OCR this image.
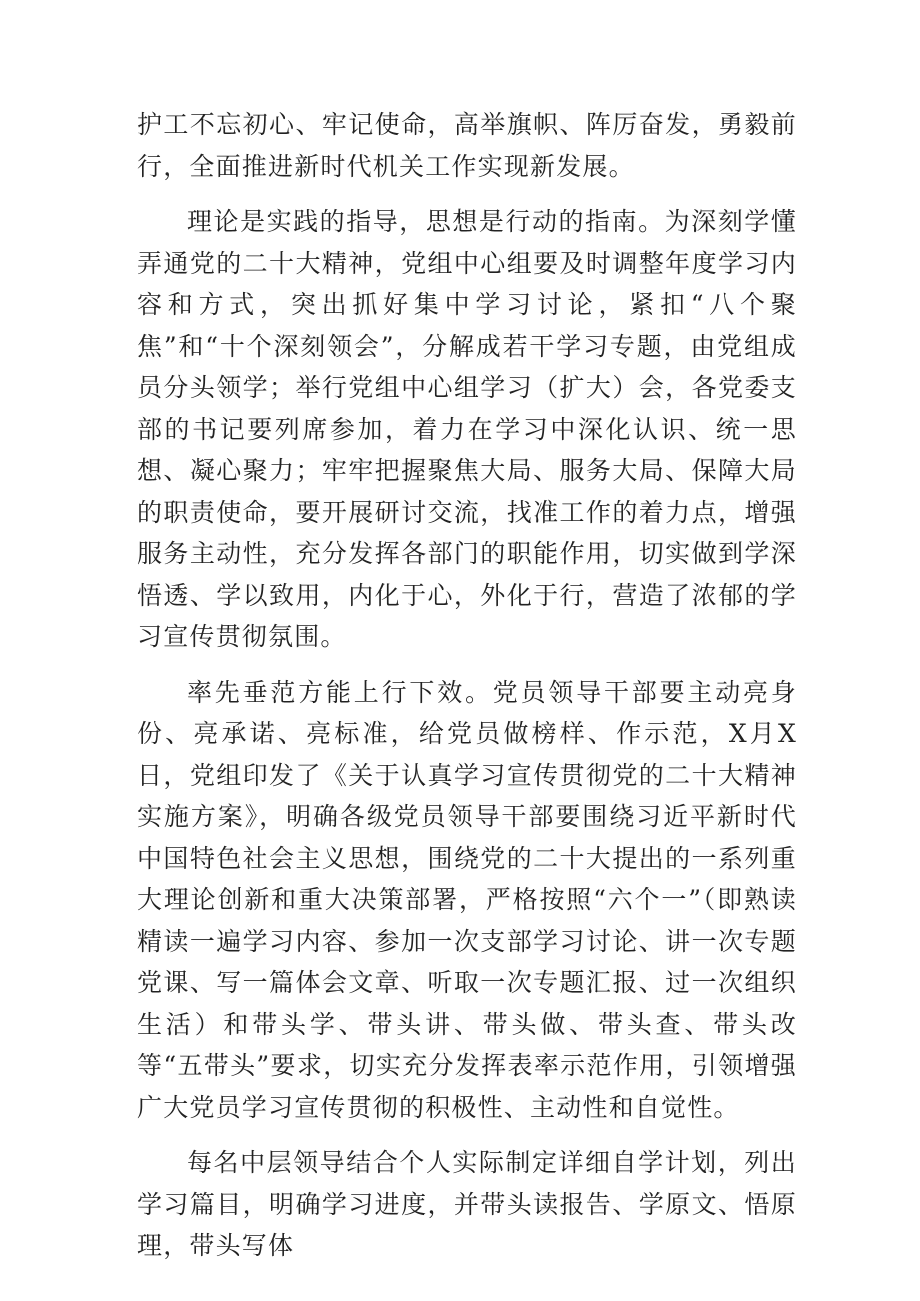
护工不忘初心、牢记使命，高举旗帜、阵厉奋发，勇毅前行，全面推进新时代机关工作实现新发展。

理论是实践的指导，思想是行动的指南。为深刻学懂弄通党的二十大精神，党组中心组要及时调整年度学习内容和方式，突出抓好集中学习讨论，紧扣“八个聚焦”和“十个深刻领会”，分解成若干学习专题，由党组成员分头领学；举行党组中心组学习（扩大）会，各党委支部的书记要列席参加，着力在学习中深化认识、统一思想、凝心聚力；牢牢把握聚焦大局、服务大局、保障大局的职责使命，要开展研讨交流，找准工作的着力点，增强服务主动性，充分发挥各部门的职能作用，切实做到学深悟透、学以致用，内化于心，外化于行，营造了浓郁的学习宣传贯彻氛围。

率先垂范方能上行下效。党员领导干部要主动亮身份、亮承诺、亮标准，给党员做榜样、作示范，X月X日，党组印发了《关于认真学习宣传贯彻党的二十大精神实施方案》，明确各级党员领导干部要围绕习近平新时代中国特色社会主义思想，围绕党的二十大提出的一系列重大理论创新和重大决策部署，严格按照“六个一”（即熟读精读一遍学习内容、参加一次支部学习讨论、讲一次专题党课、写一篇体会文章、听取一次专题汇报、过一次组织生活）和带头学、带头讲、带头做、带头查、带头改等“五带头”要求，切实充分发挥表率示范作用，引领增强广大党员学习宣传贯彻的积极性、主动性和自觉性。

每名中层领导结合个人实际制定详细自学计划，列出学习篇目，明确学习进度，并带头读报告、学原文、悟原理，带头写体
